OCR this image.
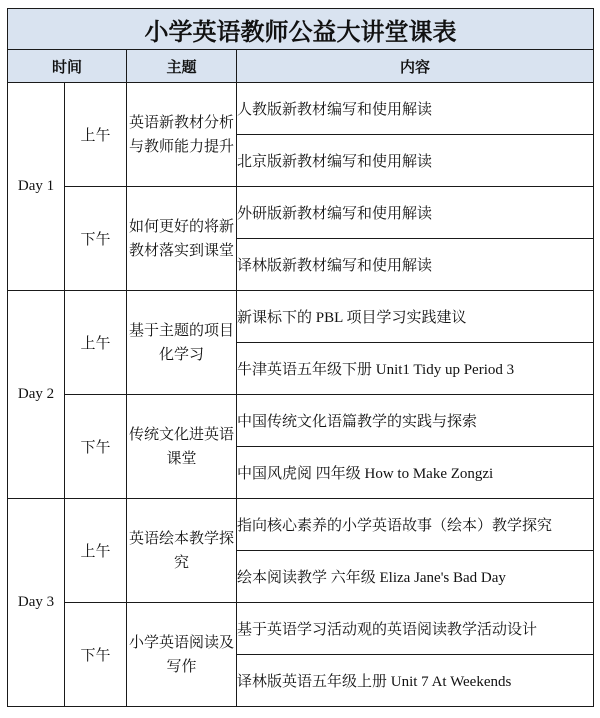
小学英语教师公益大讲堂课表			
时间		主题	内容
Day 1	上午	英语新教材分析与教师能力提升	人教版新教材编写和使用解读
			北京版新教材编写和使用解读
	下午	如何更好的将新教材落实到课堂	外研版新教材编写和使用解读
			译林版新教材编写和使用解读
Day 2	上午	基于主题的项目化学习	新课标下的 PBL 项目学习实践建议
			牛津英语五年级下册 Unit1 Tidy up Period 3
	下午	传统文化进英语课堂	中国传统文化语篇教学的实践与探索
			中国风虎阅 四年级 How to Make Zongzi
Day 3	上午	英语绘本教学探究	指向核心素养的小学英语故事（绘本）教学探究
			绘本阅读教学 六年级 Eliza Jane's Bad Day
	下午	小学英语阅读及写作	基于英语学习活动观的英语阅读教学活动设计
			译林版英语五年级上册 Unit 7 At Weekends
